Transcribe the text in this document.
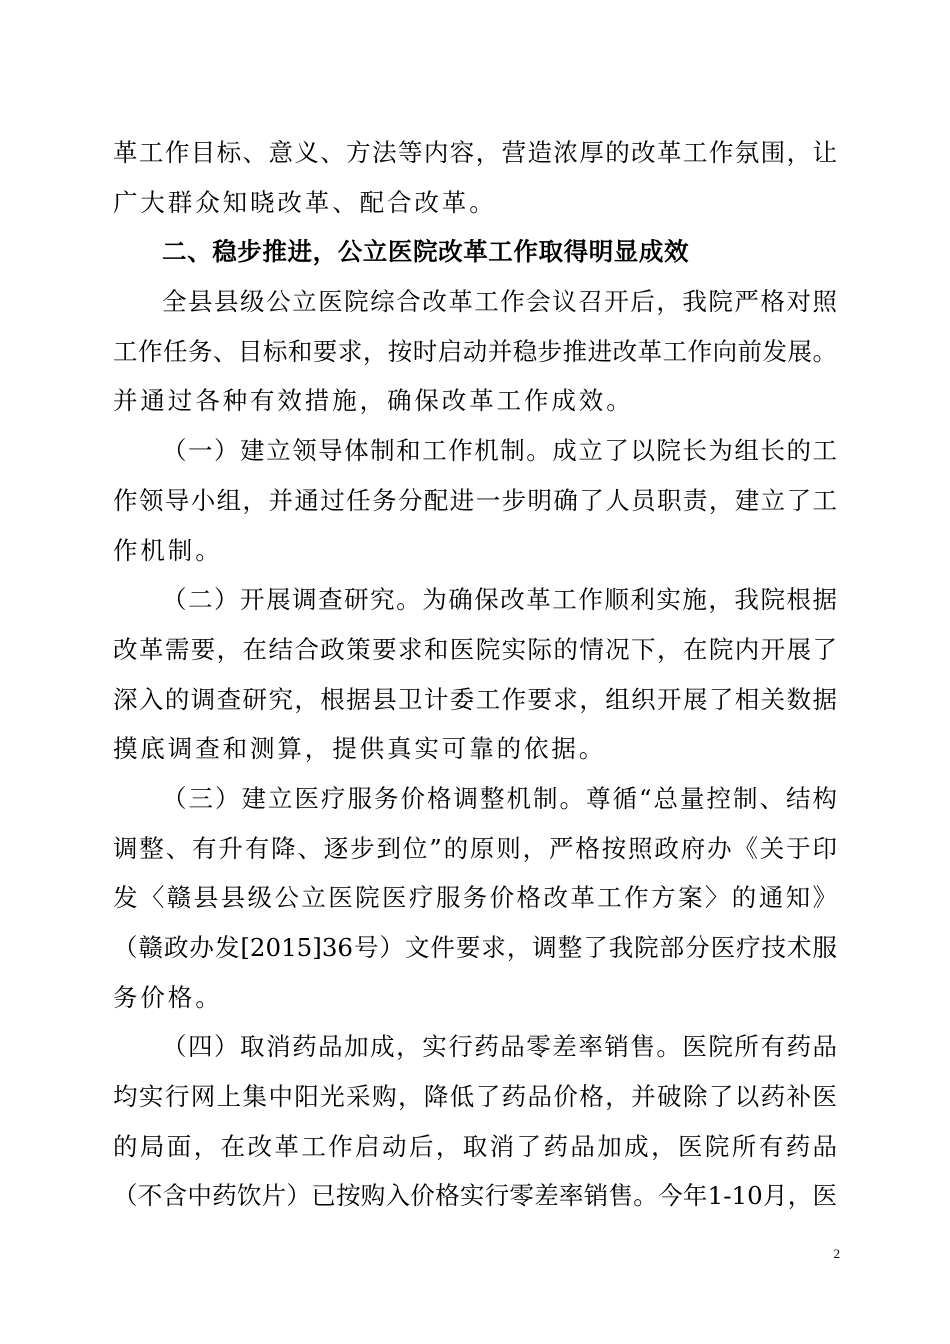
革工作目标、意义、方法等内容，营造浓厚的改革工作氛围，让
广大群众知晓改革、配合改革。
二、稳步推进，公立医院改革工作取得明显成效
全县县级公立医院综合改革工作会议召开后，我院严格对照
工作任务、目标和要求，按时启动并稳步推进改革工作向前发展。
并通过各种有效措施，确保改革工作成效。
（一）建立领导体制和工作机制。成立了以院长为组长的工
作领导小组，并通过任务分配进一步明确了人员职责，建立了工
作机制。
（二）开展调查研究。为确保改革工作顺利实施，我院根据
改革需要，在结合政策要求和医院实际的情况下，在院内开展了
深入的调查研究，根据县卫计委工作要求，组织开展了相关数据
摸底调查和测算，提供真实可靠的依据。
（三）建立医疗服务价格调整机制。尊循“总量控制、结构
调整、有升有降、逐步到位”的原则，严格按照政府办《关于印
发〈赣县县级公立医院医疗服务价格改革工作方案〉的通知》
（赣政办发[2015]36号）文件要求，调整了我院部分医疗技术服
务价格。
（四）取消药品加成，实行药品零差率销售。医院所有药品
均实行网上集中阳光采购，降低了药品价格，并破除了以药补医
的局面，在改革工作启动后，取消了药品加成，医院所有药品
（不含中药饮片）已按购入价格实行零差率销售。今年1-10月，医
2
